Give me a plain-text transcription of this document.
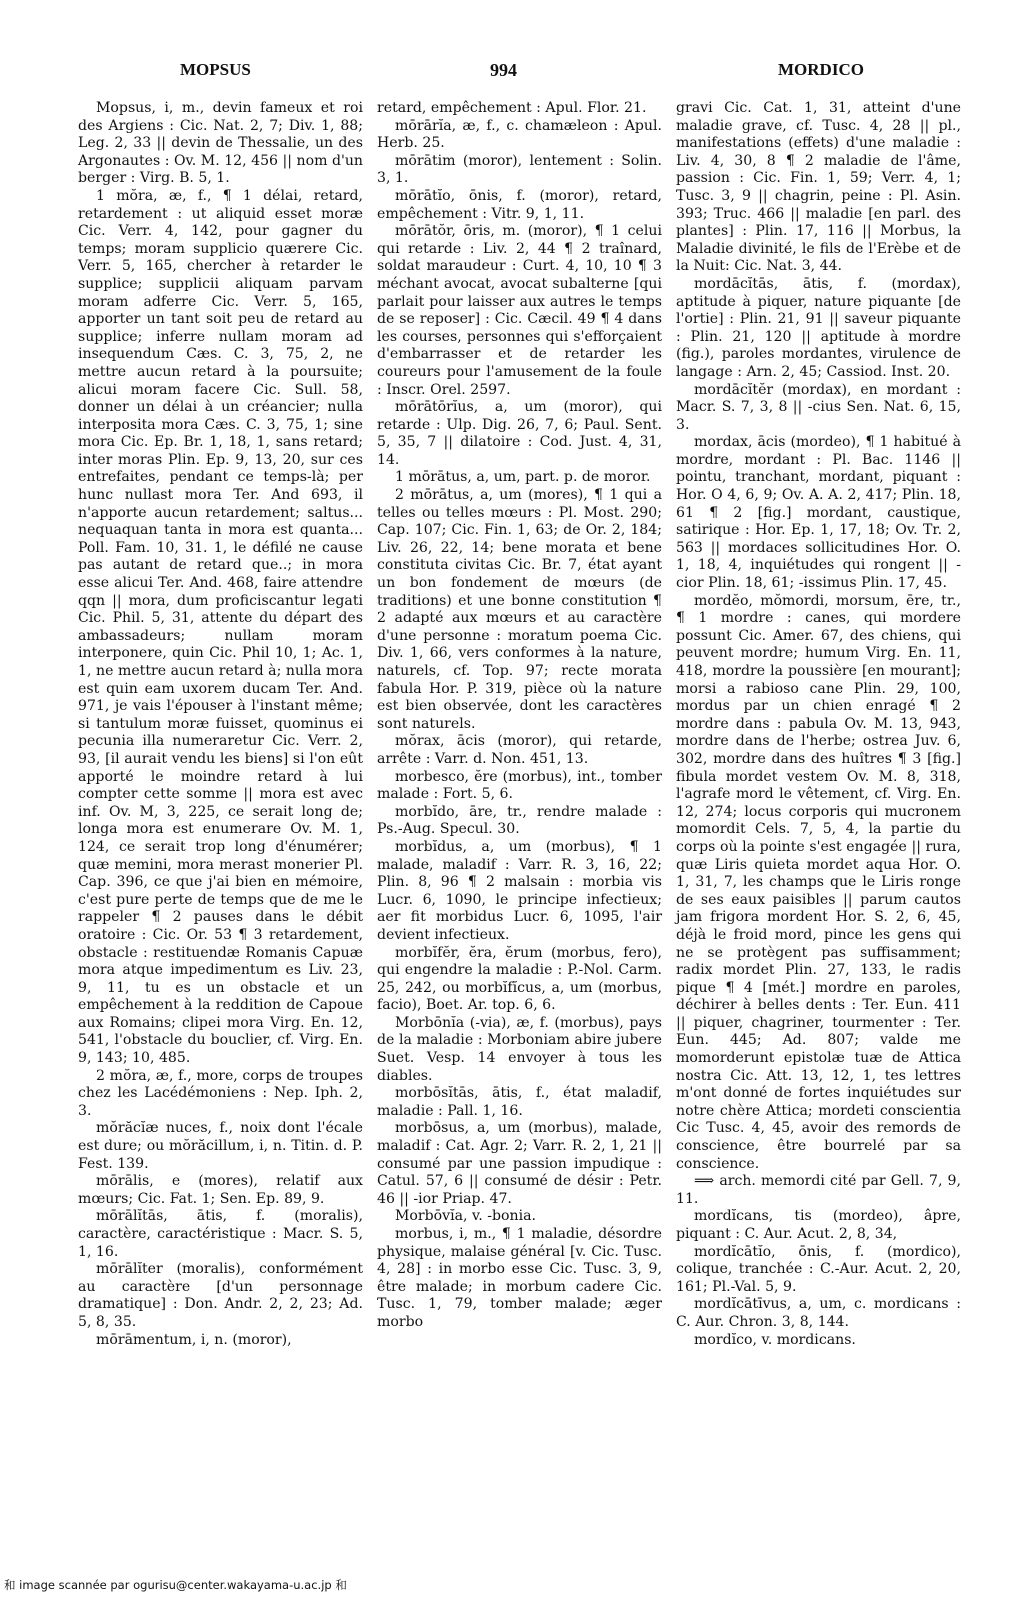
MOPSUS	994	MORDICO

Mopsus, i, m., devin fameux et roi des Argiens : Cic. Nat. 2, 7; Div. 1, 88; Leg. 2, 33 || devin de Thessalie, un des Argonautes : Ov. M. 12, 456 || nom d'un berger : Virg. B. 5, 1.

1 mŏra, æ, f., ¶ 1 délai, retard, retardement : ut aliquid esset moræ Cic. Verr. 4, 142, pour gagner du temps; moram supplicio quærere Cic. Verr. 5, 165, chercher à retarder le supplice; supplicii aliquam parvam moram adferre Cic. Verr. 5, 165, apporter un tant soit peu de retard au supplice; inferre nullam moram ad insequendum Cæs. C. 3, 75, 2, ne mettre aucun retard à la poursuite; alicui moram facere Cic. Sull. 58, donner un délai à un créancier; nulla interposita mora Cæs. C. 3, 75, 1; sine mora Cic. Ep. Br. 1, 18, 1, sans retard; inter moras Plin. Ep. 9, 13, 20, sur ces entrefaites, pendant ce temps-là; per hunc nullast mora Ter. And 693, il n'apporte aucun retardement; saltus... nequaquan tanta in mora est quanta... Poll. Fam. 10, 31. 1, le défilé ne cause pas autant de retard que..; in mora esse alicui Ter. And. 468, faire attendre qqn || mora, dum proficiscantur legati Cic. Phil. 5, 31, attente du départ des ambassadeurs; nullam moram interponere, quin Cic. Phil 10, 1; Ac. 1, 1, ne mettre aucun retard à; nulla mora est quin eam uxorem ducam Ter. And. 971, je vais l'épouser à l'instant même; si tantulum moræ fuisset, quominus ei pecunia illa numeraretur Cic. Verr. 2, 93, [il aurait vendu les biens] si l'on eût apporté le moindre retard à lui compter cette somme || mora est avec inf. Ov. M, 3, 225, ce serait long de; longa mora est enumerare Ov. M. 1, 124, ce serait trop long d'énumérer; quæ memini, mora merast monerier Pl. Cap. 396, ce que j'ai bien en mémoire, c'est pure perte de temps que de me le rappeler ¶ 2 pauses dans le débit oratoire : Cic. Or. 53 ¶ 3 retardement, obstacle : restituendæ Romanis Capuæ mora atque impedimentum es Liv. 23, 9, 11, tu es un obstacle et un empêchement à la reddition de Capoue aux Romains; clipei mora Virg. En. 12, 541, l'obstacle du bouclier, cf. Virg. En. 9, 143; 10, 485.

2 mŏra, æ, f., more, corps de troupes chez les Lacédémoniens : Nep. Iph. 2, 3.

mŏrăcĭæ nuces, f., noix dont l'écale est dure; ou mŏrăcillum, i, n. Titin. d. P. Fest. 139.

mōrālis, e (mores), relatif aux mœurs; Cic. Fat. 1; Sen. Ep. 89, 9.

mōrālĭtās, ātis, f. (moralis), caractère, caractéristique : Macr. S. 5, 1, 16.

mōrālĭter (moralis), conformément au caractère [d'un personnage dramatique] : Don. Andr. 2, 2, 23; Ad. 5, 8, 35.

mōrāmentum, i, n. (moror),

retard, empêchement : Apul. Flor. 21.

mōrārĭa, æ, f., c. chamæleon : Apul. Herb. 25.

mōrātim (moror), lentement : Solin. 3, 1.

mōrātĭo, ōnis, f. (moror), retard, empêchement : Vitr. 9, 1, 11.

mōrātŏr, ōris, m. (moror), ¶ 1 celui qui retarde : Liv. 2, 44 ¶ 2 traînard, soldat maraudeur : Curt. 4, 10, 10 ¶ 3 méchant avocat, avocat subalterne [qui parlait pour laisser aux autres le temps de se reposer] : Cic. Cæcil. 49 ¶ 4 dans les courses, personnes qui s'efforçaient d'embarrasser et de retarder les coureurs pour l'amusement de la foule : Inscr. Orel. 2597.

mōrātōrĭus, a, um (moror), qui retarde : Ulp. Dig. 26, 7, 6; Paul. Sent. 5, 35, 7 || dilatoire : Cod. Just. 4, 31, 14.

1 mōrātus, a, um, part. p. de moror.

2 mōrātus, a, um (mores), ¶ 1 qui a telles ou telles mœurs : Pl. Most. 290; Cap. 107; Cic. Fin. 1, 63; de Or. 2, 184; Liv. 26, 22, 14; bene morata et bene constituta civitas Cic. Br. 7, état ayant un bon fondement de mœurs (de traditions) et une bonne constitution ¶ 2 adapté aux mœurs et au caractère d'une personne : moratum poema Cic. Div. 1, 66, vers conformes à la nature, naturels, cf. Top. 97; recte morata fabula Hor. P. 319, pièce où la nature est bien observée, dont les caractères sont naturels.

mŏrax, ācis (moror), qui retarde, arrête : Varr. d. Non. 451, 13.

morbesco, ĕre (morbus), int., tomber malade : Fort. 5, 6.

morbĭdo, āre, tr., rendre malade : Ps.-Aug. Specul. 30.

morbĭdus, a, um (morbus), ¶ 1 malade, maladif : Varr. R. 3, 16, 22; Plin. 8, 96 ¶ 2 malsain : morbia vis Lucr. 6, 1090, le principe infectieux; aer fit morbidus Lucr. 6, 1095, l'air devient infectieux.

morbĭfĕr, ĕra, ĕrum (morbus, fero), qui engendre la maladie : P.-Nol. Carm. 25, 242, ou morbĭfĭcus, a, um (morbus, facio), Boet. Ar. top. 6, 6.

Morbōnĭa (-via), æ, f. (morbus), pays de la maladie : Morboniam abire jubere Suet. Vesp. 14 envoyer à tous les diables.

morbōsĭtās, ātis, f., état maladif, maladie : Pall. 1, 16.

morbōsus, a, um (morbus), malade, maladif : Cat. Agr. 2; Varr. R. 2, 1, 21 || consumé par une passion impudique : Catul. 57, 6 || consumé de désir : Petr. 46 || -ior Priap. 47.

Morbōvĭa, v. -bonia.

morbus, i, m., ¶ 1 maladie, désordre physique, malaise général [v. Cic. Tusc. 4, 28] : in morbo esse Cic. Tusc. 3, 9, être malade; in morbum cadere Cic. Tusc. 1, 79, tomber malade; æger morbo

gravi Cic. Cat. 1, 31, atteint d'une maladie grave, cf. Tusc. 4, 28 || pl., manifestations (effets) d'une maladie : Liv. 4, 30, 8 ¶ 2 maladie de l'âme, passion : Cic. Fin. 1, 59; Verr. 4, 1; Tusc. 3, 9 || chagrin, peine : Pl. Asin. 393; Truc. 466 || maladie [en parl. des plantes] : Plin. 17, 116 || Morbus, la Maladie divinité, le fils de l'Erèbe et de la Nuit: Cic. Nat. 3, 44.

mordācĭtās, ātis, f. (mordax), aptitude à piquer, nature piquante [de l'ortie] : Plin. 21, 91 || saveur piquante : Plin. 21, 120 || aptitude à mordre (fig.), paroles mordantes, virulence de langage : Arn. 2, 45; Cassiod. Inst. 20.

mordācĭtĕr (mordax), en mordant : Macr. S. 7, 3, 8 || -cius Sen. Nat. 6, 15, 3.

mordax, ācis (mordeo), ¶ 1 habitué à mordre, mordant : Pl. Bac. 1146 || pointu, tranchant, mordant, piquant : Hor. O 4, 6, 9; Ov. A. A. 2, 417; Plin. 18, 61 ¶ 2 [fig.] mordant, caustique, satirique : Hor. Ep. 1, 17, 18; Ov. Tr. 2, 563 || mordaces sollicitudines Hor. O. 1, 18, 4, inquiétudes qui rongent || -cior Plin. 18, 61; -issimus Plin. 17, 45.

mordĕo, mŏmordi, morsum, ēre, tr., ¶ 1 mordre : canes, qui mordere possunt Cic. Amer. 67, des chiens, qui peuvent mordre; humum Virg. En. 11, 418, mordre la poussière [en mourant]; morsi a rabioso cane Plin. 29, 100, mordus par un chien enragé ¶ 2 mordre dans : pabula Ov. M. 13, 943, mordre dans de l'herbe; ostrea Juv. 6, 302, mordre dans des huîtres ¶ 3 [fig.] fibula mordet vestem Ov. M. 8, 318, l'agrafe mord le vêtement, cf. Virg. En. 12, 274; locus corporis qui mucronem momordit Cels. 7, 5, 4, la partie du corps où la pointe s'est engagée || rura, quæ Liris quieta mordet aqua Hor. O. 1, 31, 7, les champs que le Liris ronge de ses eaux paisibles || parum cautos jam frigora mordent Hor. S. 2, 6, 45, déjà le froid mord, pince les gens qui ne se protègent pas suffisamment; radix mordet Plin. 27, 133, le radis pique ¶ 4 [mét.] mordre en paroles, déchirer à belles dents : Ter. Eun. 411 || piquer, chagriner, tourmenter : Ter. Eun. 445; Ad. 807; valde me momorderunt epistolæ tuæ de Attica nostra Cic. Att. 13, 12, 1, tes lettres m'ont donné de fortes inquiétudes sur notre chère Attica; mordeti conscientia Cic Tusc. 4, 45, avoir des remords de conscience, être bourrelé par sa conscience.

⟹ arch. memordi cité par Gell. 7, 9, 11.

mordĭcans, tis (mordeo), âpre, piquant : C. Aur. Acut. 2, 8, 34,

mordĭcātĭo, ōnis, f. (mordico), colique, tranchée : C.-Aur. Acut. 2, 20, 161; Pl.-Val. 5, 9.

mordĭcātīvus, a, um, c. mordicans : C. Aur. Chron. 3, 8, 144.

mordĭco, v. mordicans.

和 image scannée par ogurisu@center.wakayama-u.ac.jp 和
